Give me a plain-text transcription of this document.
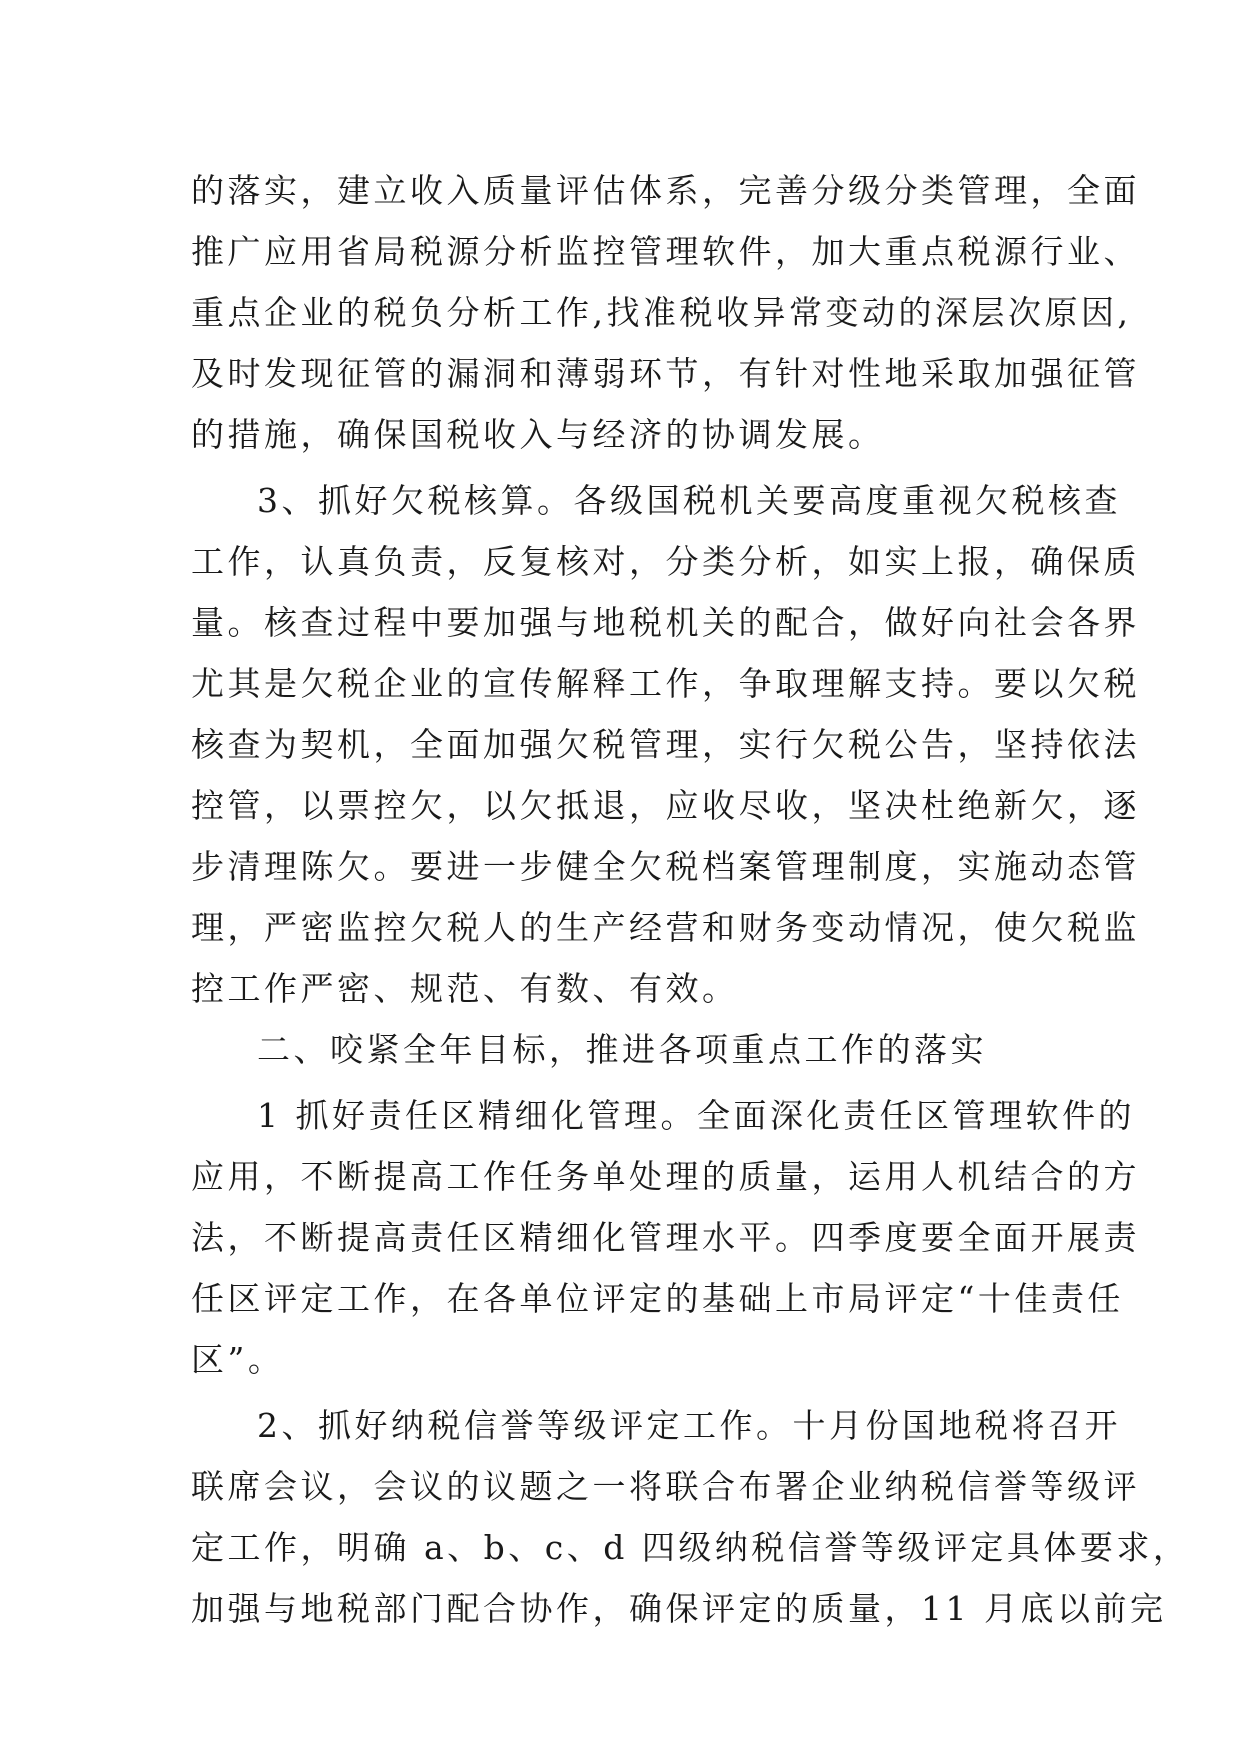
的落实，建立收入质量评估体系，完善分级分类管理，全面
推广应用省局税源分析监控管理软件，加大重点税源行业、
重点企业的税负分析工作,找准税收异常变动的深层次原因,
及时发现征管的漏洞和薄弱环节，有针对性地采取加强征管
的措施，确保国税收入与经济的协调发展。
3、抓好欠税核算。各级国税机关要高度重视欠税核查
工作，认真负责，反复核对，分类分析，如实上报，确保质
量。核查过程中要加强与地税机关的配合，做好向社会各界
尤其是欠税企业的宣传解释工作，争取理解支持。要以欠税
核查为契机，全面加强欠税管理，实行欠税公告，坚持依法
控管，以票控欠，以欠抵退，应收尽收，坚决杜绝新欠，逐
步清理陈欠。要进一步健全欠税档案管理制度，实施动态管
理，严密监控欠税人的生产经营和财务变动情况，使欠税监
控工作严密、规范、有数、有效。
二、咬紧全年目标，推进各项重点工作的落实
1 抓好责任区精细化管理。全面深化责任区管理软件的
应用，不断提高工作任务单处理的质量，运用人机结合的方
法，不断提高责任区精细化管理水平。四季度要全面开展责
任区评定工作，在各单位评定的基础上市局评定“十佳责任
区”。
2、抓好纳税信誉等级评定工作。十月份国地税将召开
联席会议，会议的议题之一将联合布署企业纳税信誉等级评
定工作，明确 a、b、c、d 四级纳税信誉等级评定具体要求，
加强与地税部门配合协作，确保评定的质量，11 月底以前完
